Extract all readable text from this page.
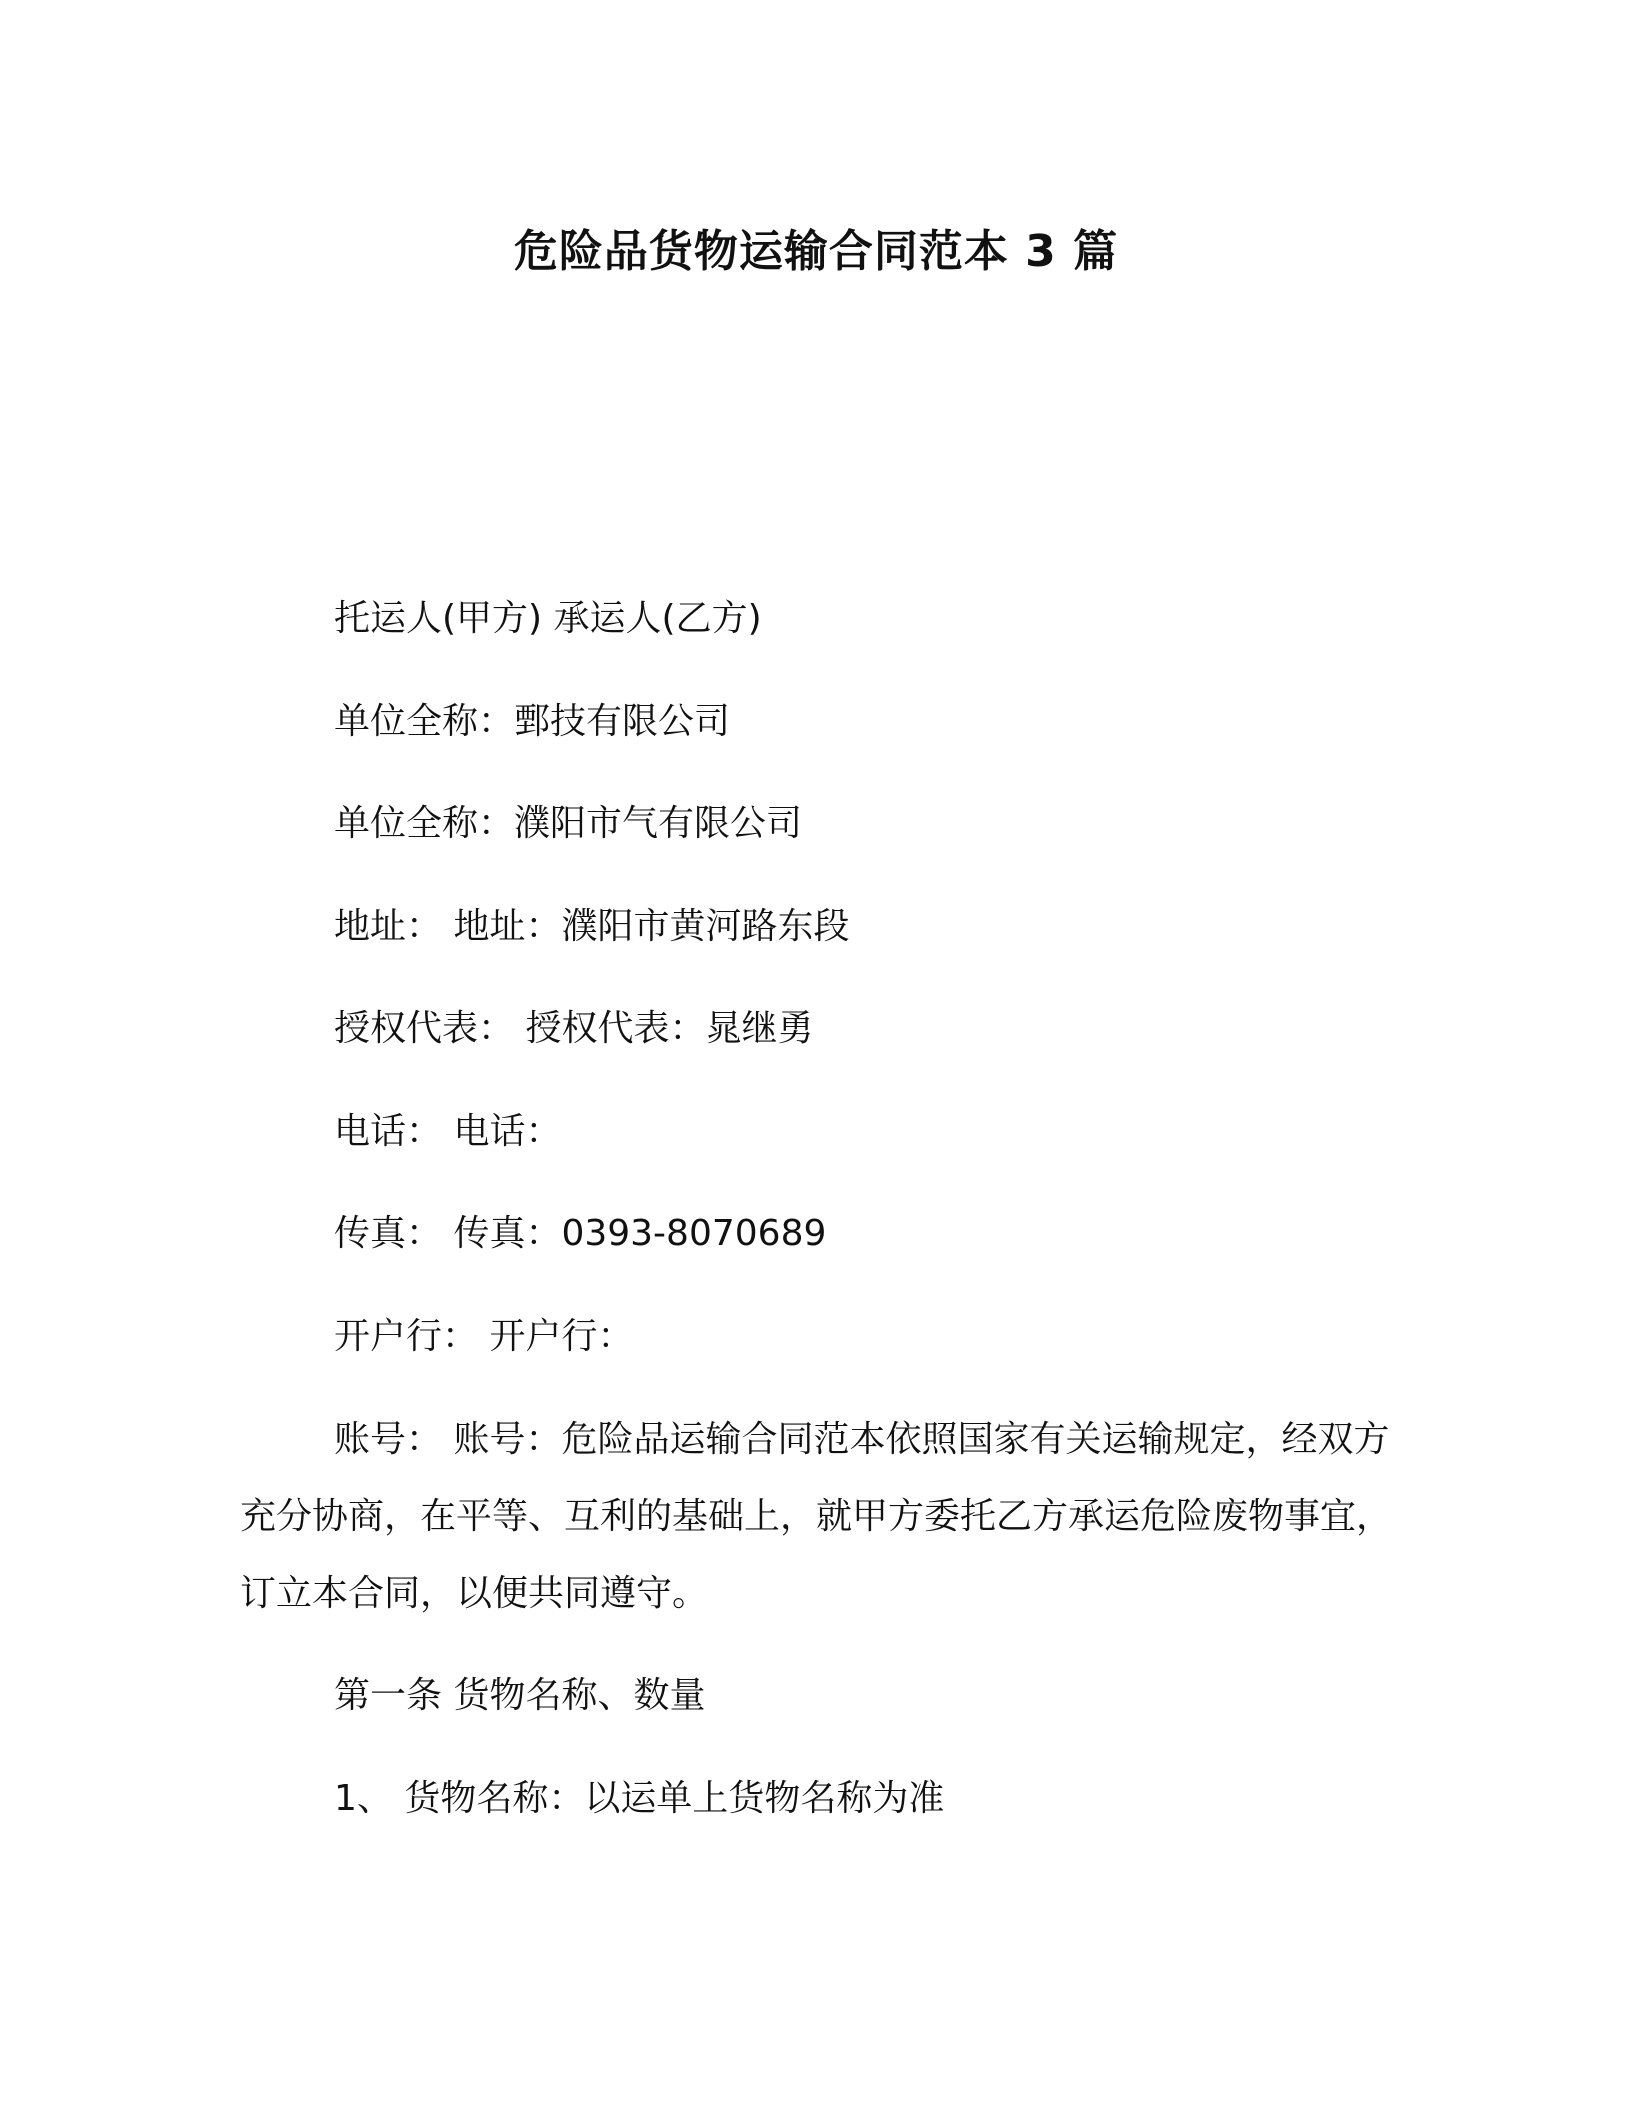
危险品货物运输合同范本 3 篇
托运人(甲方) 承运人(乙方)
单位全称：鄄技有限公司
单位全称：濮阳市气有限公司
地址： 地址：濮阳市黄河路东段
授权代表： 授权代表：晁继勇
电话： 电话：
传真： 传真：0393-8070689
开户行： 开户行：
账号： 账号：危险品运输合同范本依照国家有关运输规定，经双方充分协商，在平等、互利的基础上，就甲方委托乙方承运危险废物事宜，订立本合同，以便共同遵守。
第一条 货物名称、数量
1、 货物名称：以运单上货物名称为准
